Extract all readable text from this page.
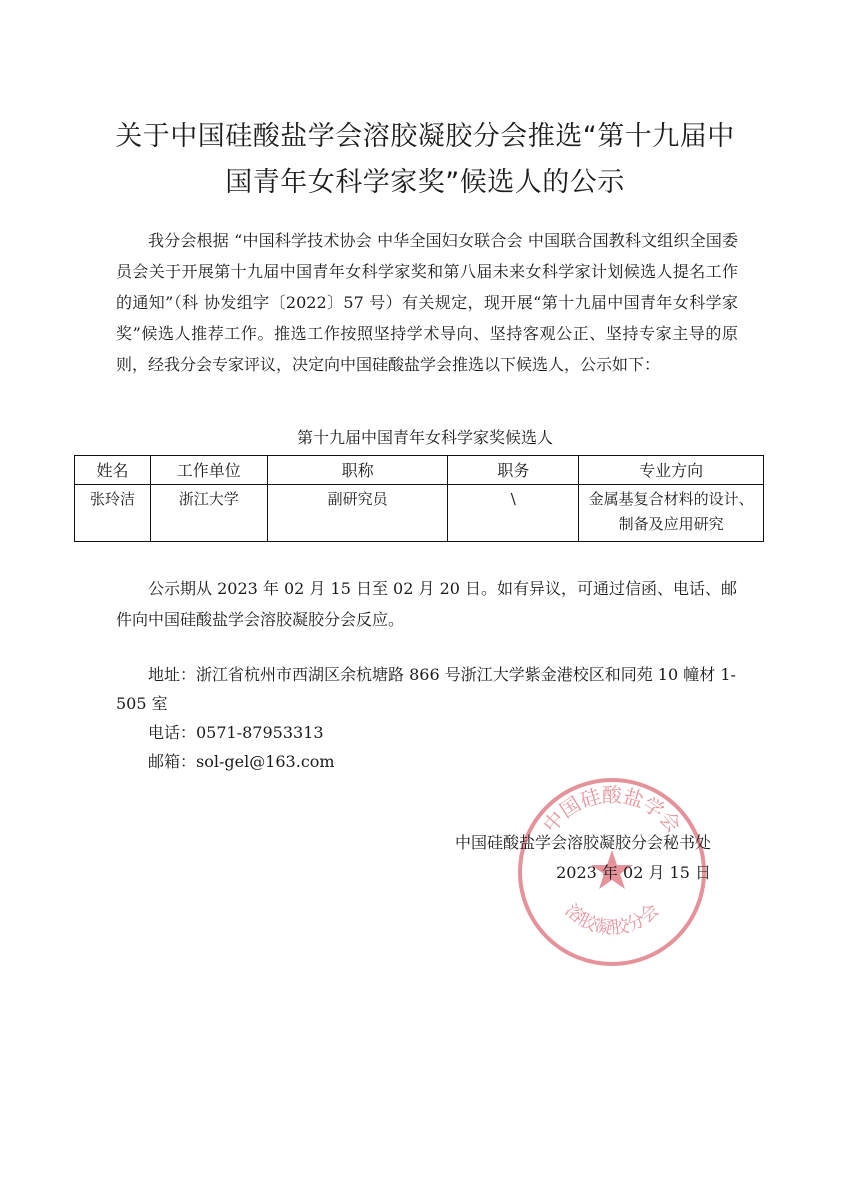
关于中国硅酸盐学会溶胶凝胶分会推选“第十九届中
国青年女科学家奖”候选人的公示

我分会根据 “中国科学技术协会 中华全国妇女联合会 中国联合国教科文组织全国委员会关于开展第十九届中国青年女科学家奖和第八届未来女科学家计划候选人提名工作的通知”（科 协发组字〔2022〕57 号）有关规定，现开展“第十九届中国青年女科学家奖”候选人推荐工作。推选工作按照坚持学术导向、坚持客观公正、坚持专家主导的原则，经我分会专家评议，决定向中国硅酸盐学会推选以下候选人，公示如下：

第十九届中国青年女科学家奖候选人
姓名	工作单位	职称	职务	专业方向
张玲洁	浙江大学	副研究员	\	金属基复合材料的设计、制备及应用研究

公示期从 2023 年 02 月 15 日至 02 月 20 日。如有异议，可通过信函、电话、邮件向中国硅酸盐学会溶胶凝胶分会反应。

地址：浙江省杭州市西湖区余杭塘路 866 号浙江大学紫金港校区和同苑 10 幢材 1-505 室
电话：0571-87953313
邮箱：sol-gel@163.com
中国硅酸盐学会
溶胶凝胶分会
中国硅酸盐学会溶胶凝胶分会秘书处
2023 年 02 月 15 日
